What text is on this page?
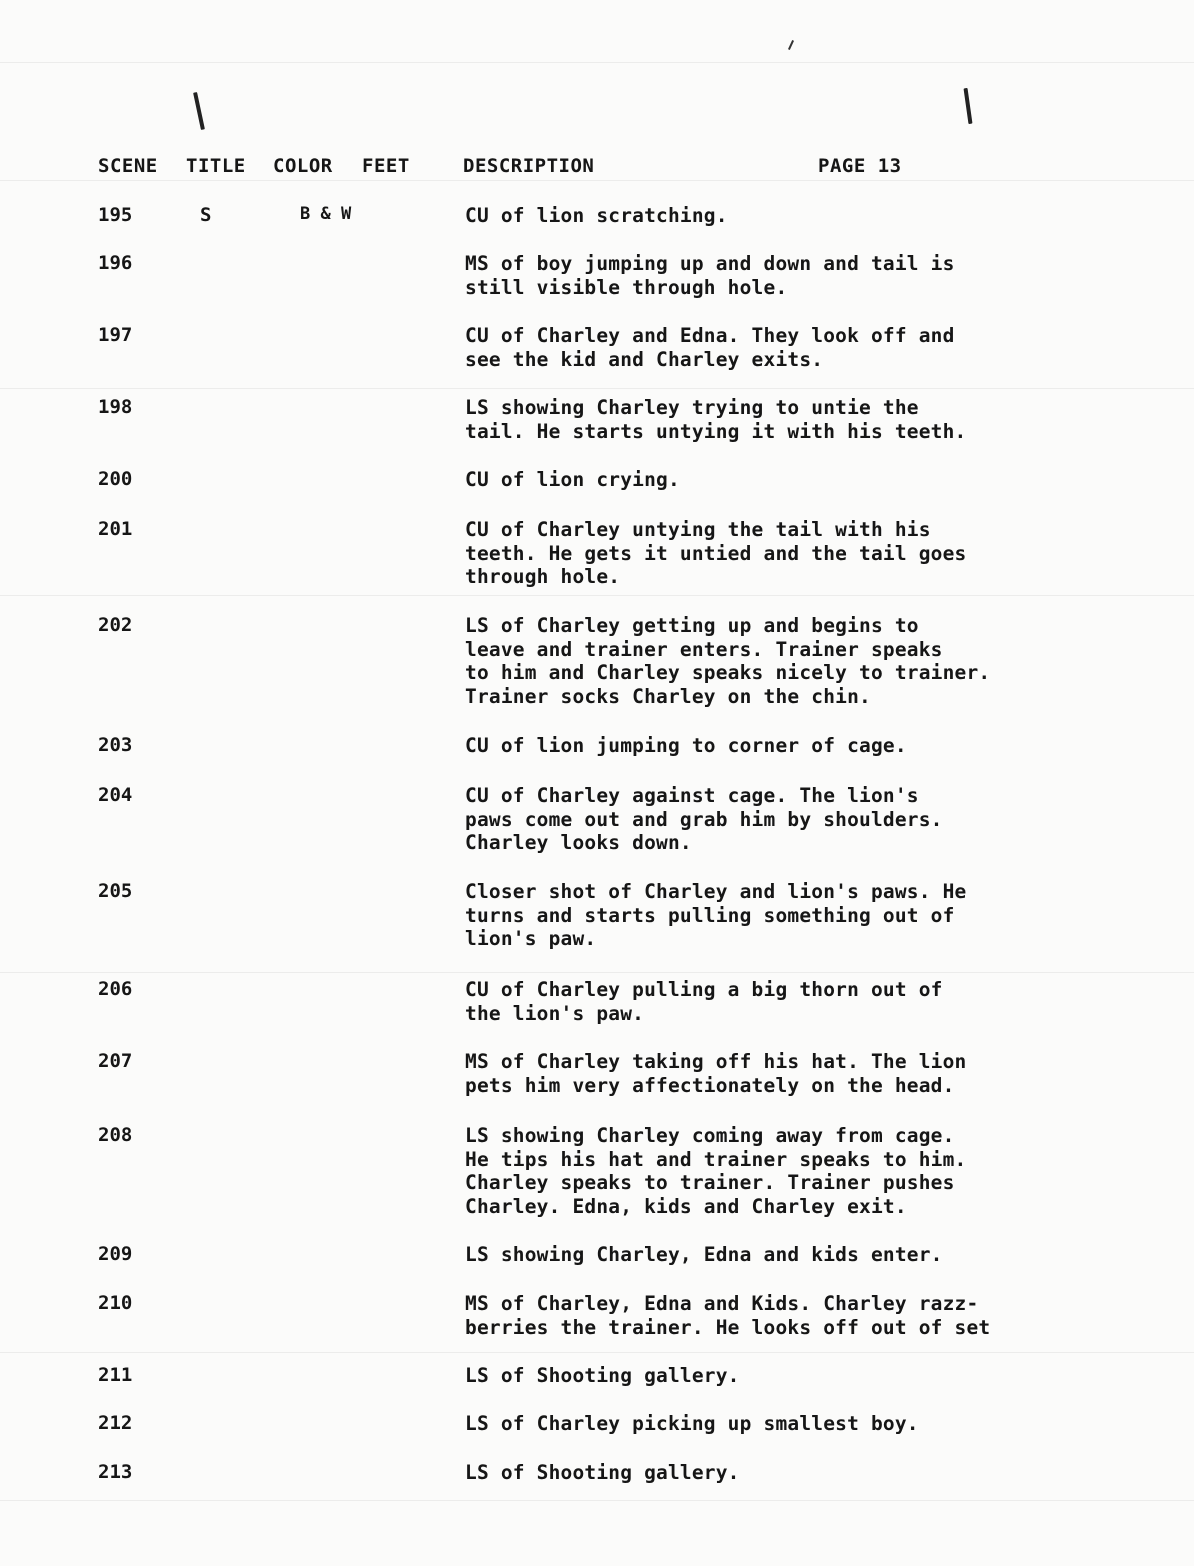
SCENE TITLE COLOR FEET	DESCRIPTION	PAGE 13
195	S	B & W	CU of lion scratching.
196	MS of boy jumping up and down and tail is
still visible through hole.
197	CU of Charley and Edna. They look off and
see the kid and Charley exits.
198	LS showing Charley trying to untie the
tail. He starts untying it with his teeth.
200	CU of lion crying.
201	CU of Charley untying the tail with his
teeth. He gets it untied and the tail goes
through hole.
202	LS of Charley getting up and begins to
leave and trainer enters. Trainer speaks
to him and Charley speaks nicely to trainer.
Trainer socks Charley on the chin.
203	CU of lion jumping to corner of cage.
204	CU of Charley against cage. The lion's
paws come out and grab him by shoulders.
Charley looks down.
205	Closer shot of Charley and lion's paws. He
turns and starts pulling something out of
lion's paw.
206	CU of Charley pulling a big thorn out of
the lion's paw.
207	MS of Charley taking off his hat. The lion
pets him very affectionately on the head.
208	LS showing Charley coming away from cage.
He tips his hat and trainer speaks to him.
Charley speaks to trainer. Trainer pushes
Charley. Edna, kids and Charley exit.
209	LS showing Charley, Edna and kids enter.
210	MS of Charley, Edna and Kids. Charley razz-
berries the trainer. He looks off out of set
211	LS of Shooting gallery.
212	LS of Charley picking up smallest boy.
213	LS of Shooting gallery.
